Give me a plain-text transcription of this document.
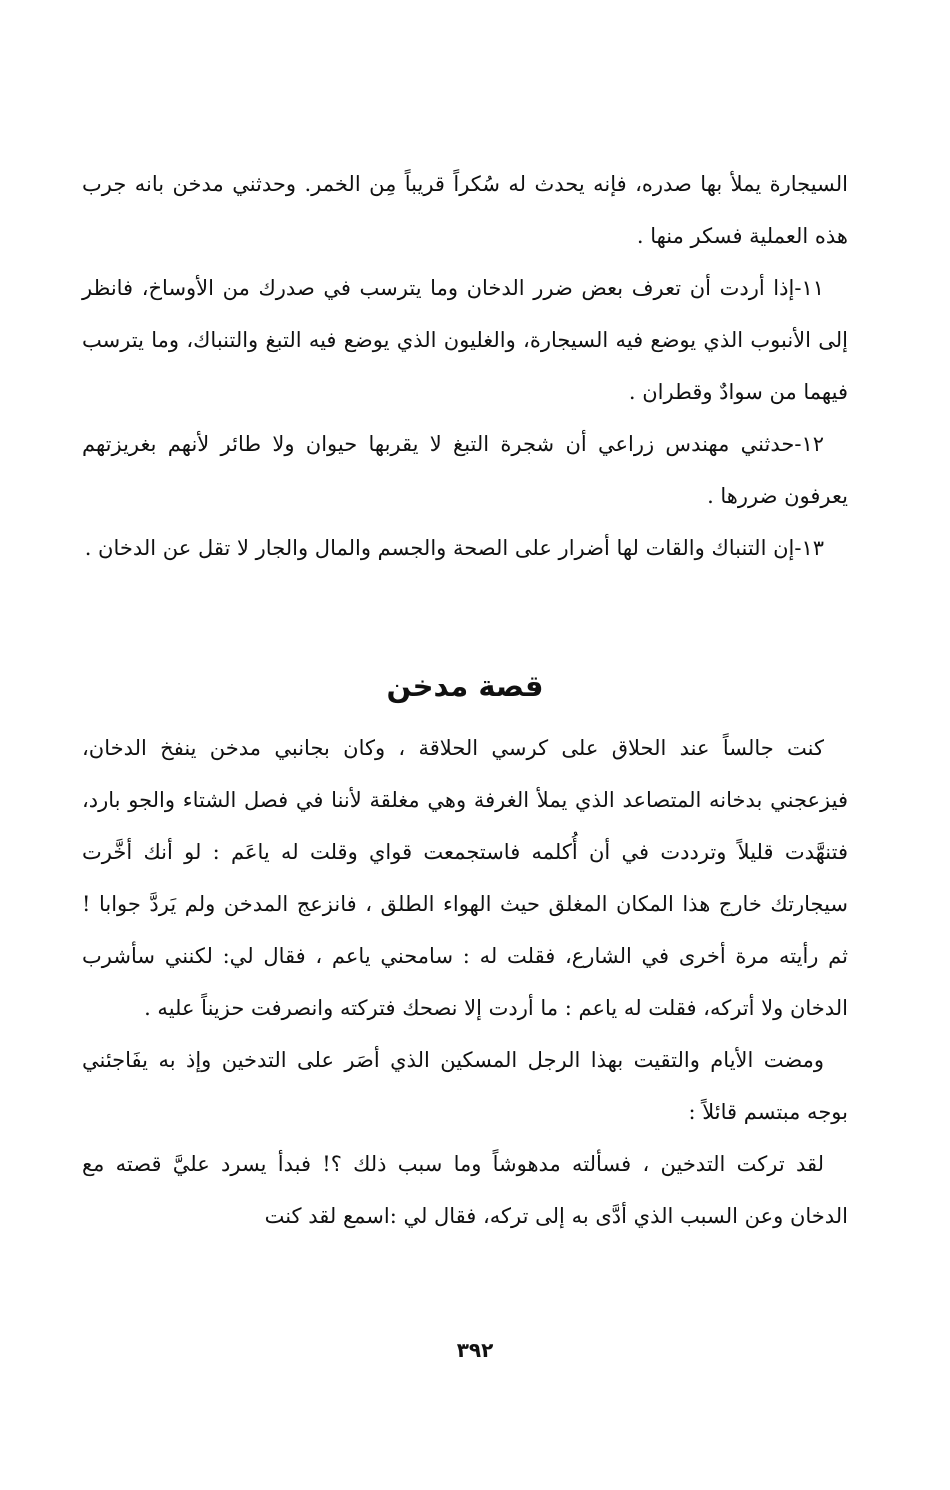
السيجارة يملأ بها صدره، فإنه يحدث له سُكراً قريباً مِن الخمر. وحدثني مدخن بانه جرب هذه العملية فسكر منها .

١١-إذا أردت أن تعرف بعض ضرر الدخان وما يترسب في صدرك من الأوساخ، فانظر إلى الأنبوب الذي يوضع فيه السيجارة، والغليون الذي يوضع فيه التبغ والتنباك، وما يترسب فيهما من سوادٌ وقطران .

١٢-حدثني مهندس زراعي أن شجرة التبغ لا يقربها حيوان ولا طائر لأنهم بغريزتهم يعرفون ضررها .

١٣-إن التنباك والقات لها أضرار على الصحة والجسم والمال والجار لا تقل عن الدخان .

قصة مدخن

كنت جالساً عند الحلاق على كرسي الحلاقة ، وكان بجانبي مدخن ينفخ الدخان، فيزعجني بدخانه المتصاعد الذي يملأ الغرفة وهي مغلقة لأننا في فصل الشتاء والجو بارد، فتنهَّدت قليلاً وترددت في أن أُكلمه فاستجمعت قواي وقلت له ياعَم : لو أنك أخَّرت سيجارتك خارج هذا المكان المغلق حيث الهواء الطلق ، فانزعج المدخن ولم يَردَّ جوابا ! ثم رأيته مرة أخرى في الشارع، فقلت له : سامحني ياعم ، فقال لي: لكنني سأشرب الدخان ولا أتركه، فقلت له ياعم : ما أردت إلا نصحك فتركته وانصرفت حزيناً عليه .

ومضت الأيام والتقيت بهذا الرجل المسكين الذي أصَر على التدخين وإذ به يفَاجئني بوجه مبتسم قائلاً :

لقد تركت التدخين ، فسألته مدهوشاً وما سبب ذلك ؟! فبدأ يسرد عليَّ قصته مع الدخان وعن السبب الذي أدَّى به إلى تركه، فقال لي :اسمع لقد كنت

٣٩٢
